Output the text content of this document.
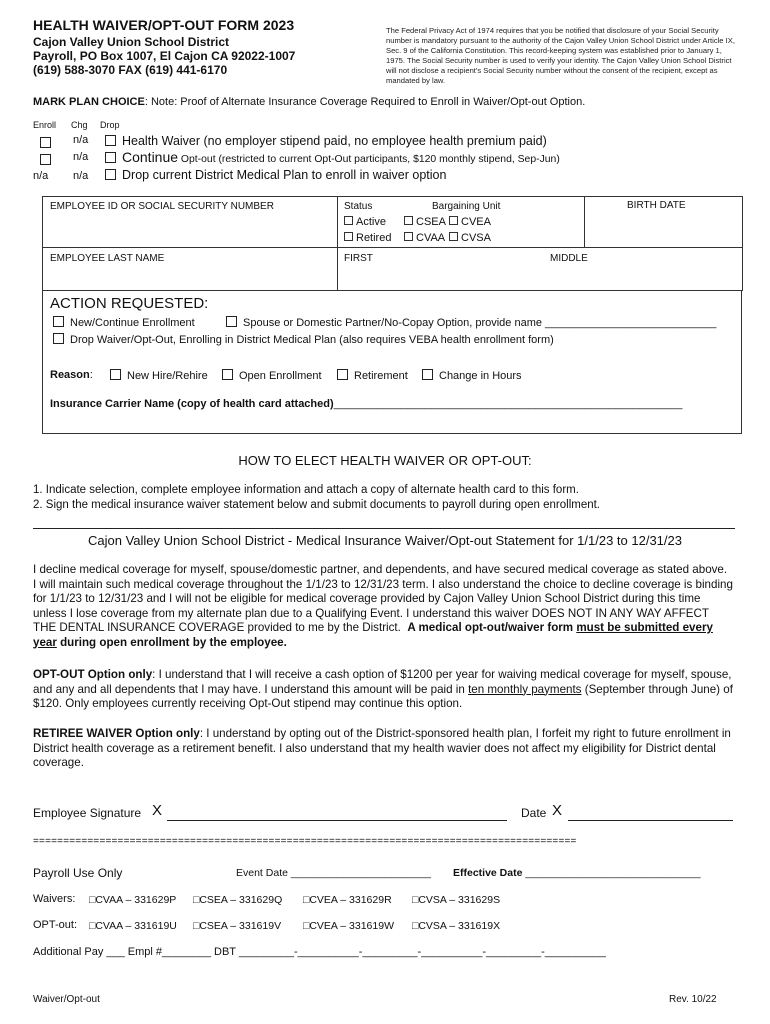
HEALTH WAIVER/OPT-OUT FORM 2023
Cajon Valley Union School District
Payroll, PO Box 1007, El Cajon CA 92022-1007
(619) 588-3070 FAX (619) 441-6170
The Federal Privacy Act of 1974 requires that you be notified that disclosure of your Social Security number is mandatory pursuant to the authority of the Cajon Valley Union School District under Article IX, Sec. 9 of the California Constitution. This record-keeping system was established prior to January 1, 1975. The Social Security number is used to verify your identity. The Cajon Valley Union School District will not disclose a recipient's Social Security number without the consent of the recipient, except as mandated by law.
MARK PLAN CHOICE: Note: Proof of Alternate Insurance Coverage Required to Enroll in Waiver/Opt-out Option.
Enroll Chg Drop
n/a	Health Waiver (no employer stipend paid, no employee health premium paid)
n/a	Continue Opt-out (restricted to current Opt-Out participants, $120 monthly stipend, Sep-Jun)
n/a n/a	Drop current District Medical Plan to enroll in waiver option
EMPLOYEE ID OR SOCIAL SECURITY NUMBER	Status	Bargaining Unit	BIRTH DATE
Active	CSEA	CVEA
Retired	CVAA	CVSA
EMPLOYEE LAST NAME	FIRST	MIDDLE
ACTION REQUESTED:
New/Continue Enrollment	Spouse or Domestic Partner/No-Copay Option, provide name ____________________________
Drop Waiver/Opt-Out, Enrolling in District Medical Plan (also requires VEBA health enrollment form)
Reason:	New Hire/Rehire	Open Enrollment	Retirement	Change in Hours
Insurance Carrier Name (copy of health card attached)_________________________________________________________
HOW TO ELECT HEALTH WAIVER OR OPT-OUT:
1. Indicate selection, complete employee information and attach a copy of alternate health card to this form.
2. Sign the medical insurance waiver statement below and submit documents to payroll during open enrollment.
Cajon Valley Union School District - Medical Insurance Waiver/Opt-out Statement for 1/1/23 to 12/31/23
I decline medical coverage for myself, spouse/domestic partner, and dependents, and have secured medical coverage as stated above. I will maintain such medical coverage throughout the 1/1/23 to 12/31/23 term. I also understand the choice to decline coverage is binding for 1/1/23 to 12/31/23 and I will not be eligible for medical coverage provided by Cajon Valley Union School District during this time unless I lose coverage from my alternate plan due to a Qualifying Event. I understand this waiver DOES NOT IN ANY WAY AFFECT THE DENTAL INSURANCE COVERAGE provided to me by the District. A medical opt-out/waiver form must be submitted every year during open enrollment by the employee.
OPT-OUT Option only: I understand that I will receive a cash option of $1200 per year for waiving medical coverage for myself, spouse, and any and all dependents that I may have. I understand this amount will be paid in ten monthly payments (September through June) of $120. Only employees currently receiving Opt-Out stipend may continue this option.
RETIREE WAIVER Option only: I understand by opting out of the District-sponsored health plan, I forfeit my right to future enrollment in District health coverage as a retirement benefit. I also understand that my health wavier does not affect my eligibility for District dental coverage.
Employee Signature X	Date X
==========================================================================================
Payroll Use Only	Event Date ________________________ Effective Date ______________________________
Waivers: □CVAA – 331629P □CSEA – 331629Q □CVEA – 331629R □CVSA – 331629S
OPT-out: □CVAA – 331619U □CSEA – 331619V □CVEA – 331619W □CVSA – 331619X
Additional Pay ___ Empl #________ DBT _________-__________-_________-__________-_________-__________
Waiver/Opt-out	Rev. 10/22
